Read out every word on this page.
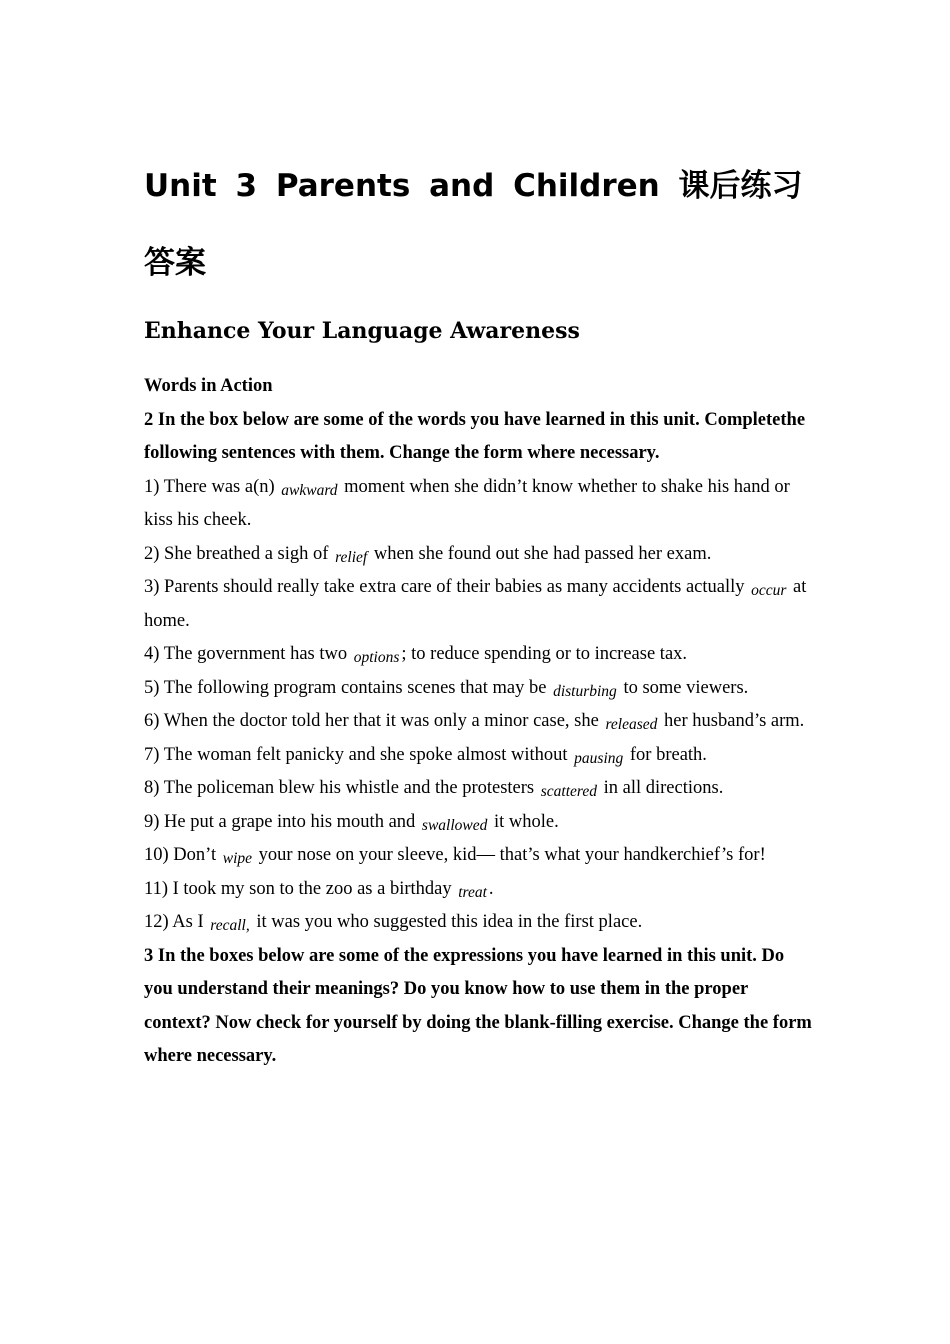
Unit 3 Parents and Children 课后练习答案
Enhance Your Language Awareness

Words in Action

2 In the box below are some of the words you have learned in this unit. Completethe following sentences with them. Change the form where necessary.

1) There was a(n) awkward moment when she didn’t know whether to shake his hand or kiss his cheek.

2) She breathed a sigh of relief when she found out she had passed her exam.

3) Parents should really take extra care of their babies as many accidents actually occur at home.

4) The government has two options ; to reduce spending or to increase tax.

5) The following program contains scenes that may be disturbing to some viewers.

6) When the doctor told her that it was only a minor case, she released her husband’s arm.

7) The woman felt panicky and she spoke almost without pausing for breath.

8) The policeman blew his whistle and the protesters scattered in all directions.

9) He put a grape into his mouth and swallowed it whole.

10) Don’t wipe your nose on your sleeve, kid— that’s what your handkerchief’s for!

11) I took my son to the zoo as a birthday treat .

12) As I recall, it was you who suggested this idea in the first place.

3 In the boxes below are some of the expressions you have learned in this unit. Do you understand their meanings? Do you know how to use them in the proper context? Now check for yourself by doing the blank-filling exercise. Change the form where necessary.
